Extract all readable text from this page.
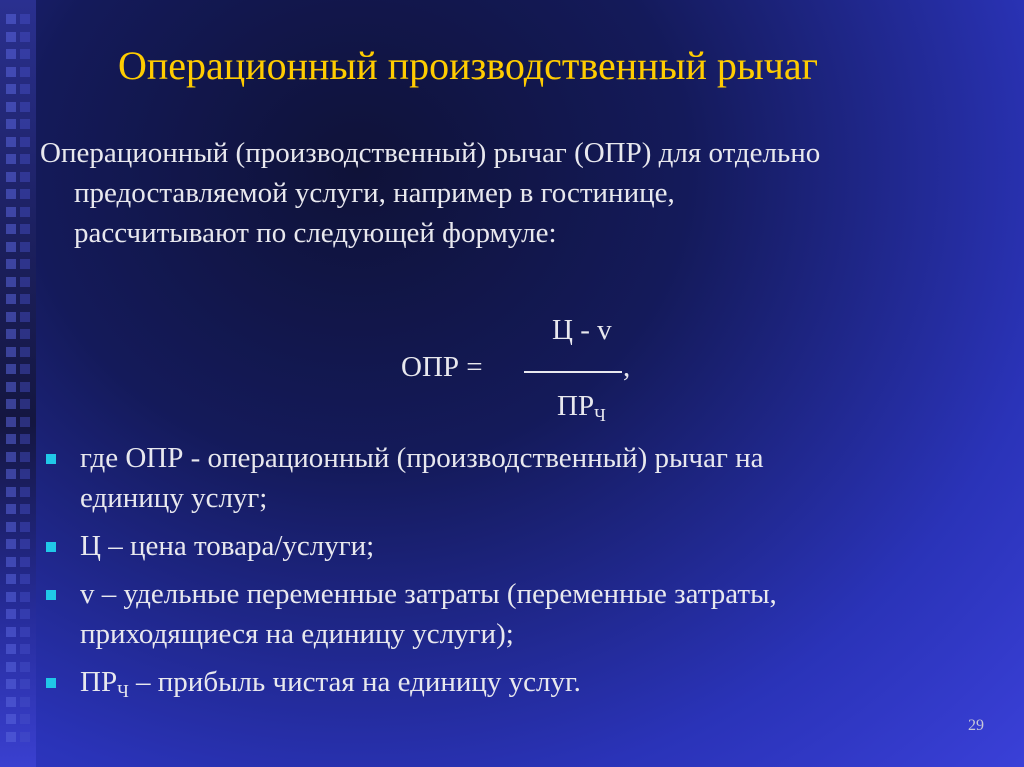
Операционный производственный рычаг
Операционный (производственный) рычаг (ОПР) для отдельно
предоставляемой услуги, например в гостинице,
рассчитывают по следующей формуле:
Ц - v
ОПР =	,
$ПР_Ч$
где ОПР - операционный (производственный) рычаг на
единицу услуг;
Ц – цена товара/услуги;
v – удельные переменные затраты (переменные затраты,
приходящиеся на единицу услуги);
$ПР_Ч$ – прибыль чистая на единицу услуг.
29
